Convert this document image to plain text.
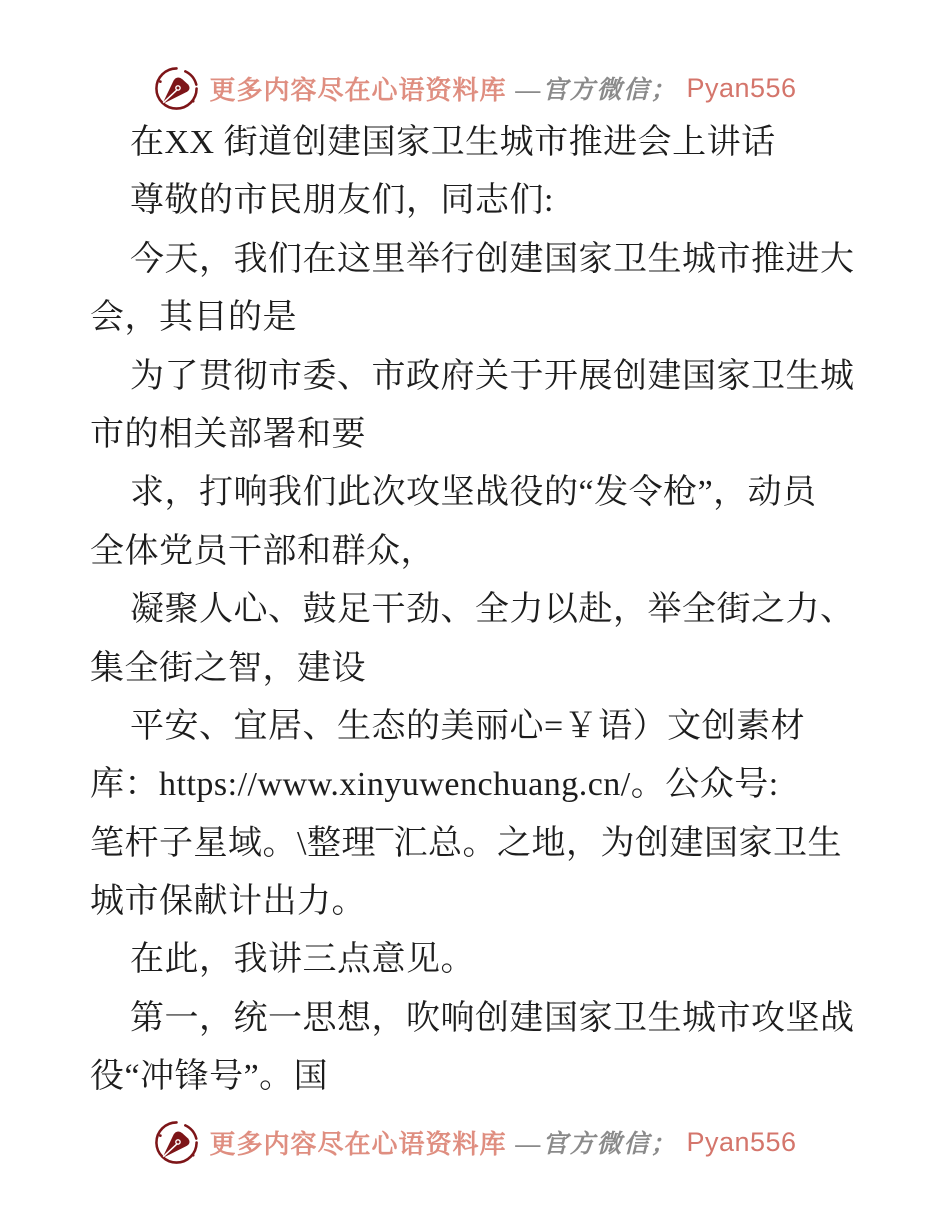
更多内容尽在心语资料库 —官方微信； Pyan556
在XX 街道创建国家卫生城市推进会上讲话
尊敬的市民朋友们，同志们:
今天，我们在这里举行创建国家卫生城市推进大
会，其目的是
为了贯彻市委、市政府关于开展创建国家卫生城
市的相关部署和要
求，打响我们此次攻坚战役的“发令枪”，动员
全体党员干部和群众，
凝聚人心、鼓足干劲、全力以赴，举全街之力、
集全街之智，建设
平安、宜居、生态的美丽心=￥语）文创素材
库：https://www.xinyuwenchuang.cn/。公众号:
笔杆子星域。\整理¯汇总。之地，为创建国家卫生
城市保献计出力。
在此，我讲三点意见。
第一，统一思想，吹响创建国家卫生城市攻坚战
役“冲锋号”。国
更多内容尽在心语资料库 —官方微信； Pyan556
